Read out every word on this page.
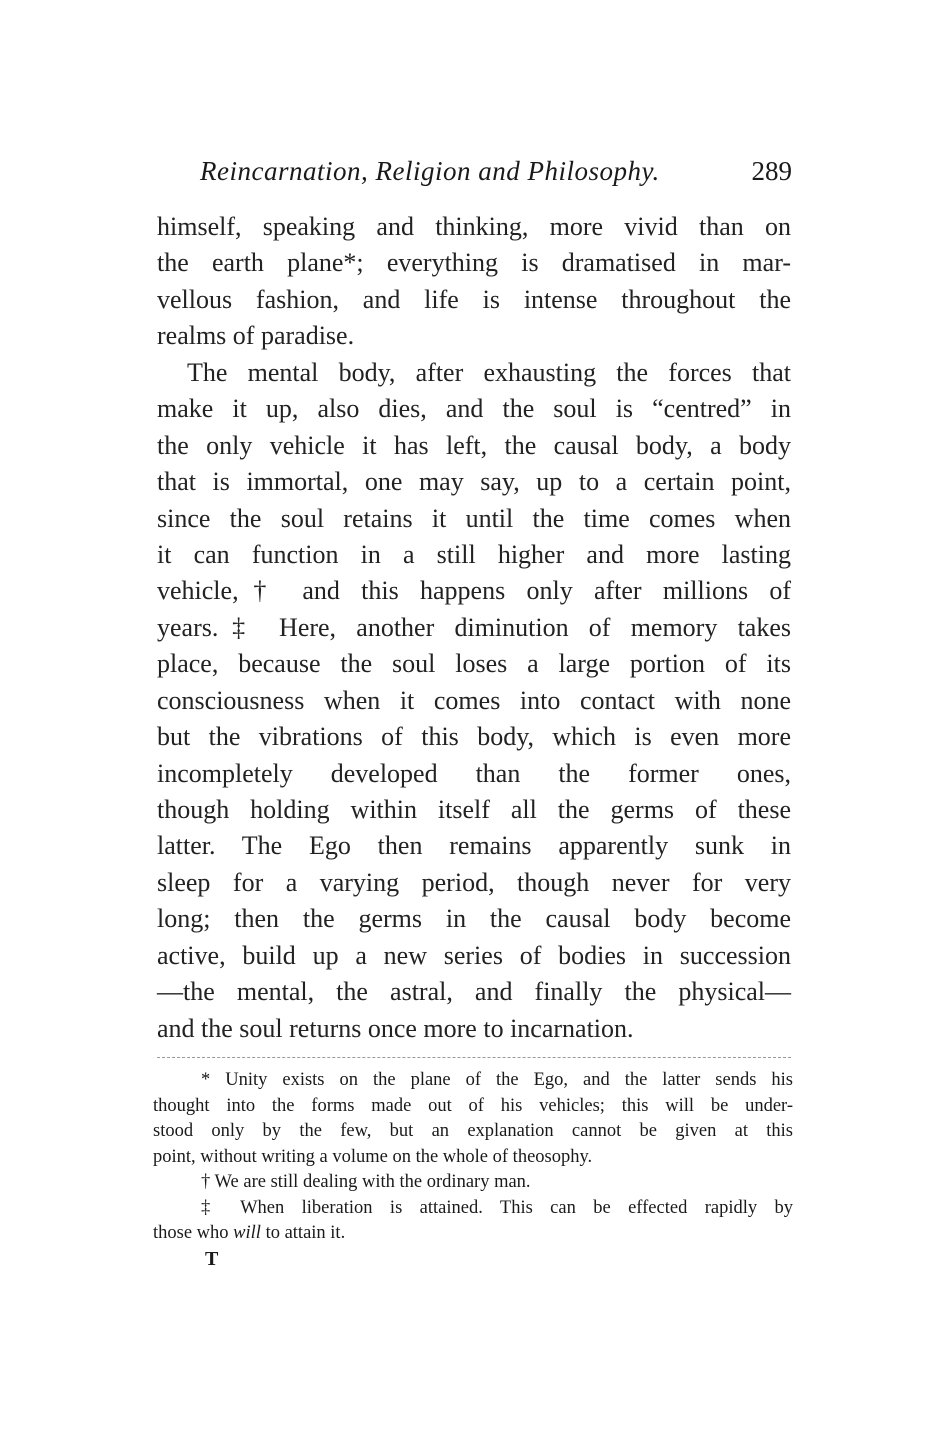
Reincarnation, Religion and Philosophy.	289
himself, speaking and thinking, more vivid than on
the earth plane*; everything is dramatised in mar-
vellous fashion, and life is intense throughout the
realms of paradise.
The mental body, after exhausting the forces that
make it up, also dies, and the soul is “centred” in
the only vehicle it has left, the causal body, a body
that is immortal, one may say, up to a certain point,
since the soul retains it until the time comes when
it can function in a still higher and more lasting
vehicle,† and this happens only after millions of
years.‡ Here, another diminution of memory takes
place, because the soul loses a large portion of its
consciousness when it comes into contact with none
but the vibrations of this body, which is even more
incompletely developed than the former ones,
though holding within itself all the germs of these
latter. The Ego then remains apparently sunk in
sleep for a varying period, though never for very
long; then the germs in the causal body become
active, build up a new series of bodies in succession
—the mental, the astral, and finally the physical—
and the soul returns once more to incarnation.
* Unity exists on the plane of the Ego, and the latter sends his
thought into the forms made out of his vehicles; this will be under-
stood only by the few, but an explanation cannot be given at this
point, without writing a volume on the whole of theosophy.
† We are still dealing with the ordinary man.
‡ When liberation is attained. This can be effected rapidly by
those who will to attain it.
T
